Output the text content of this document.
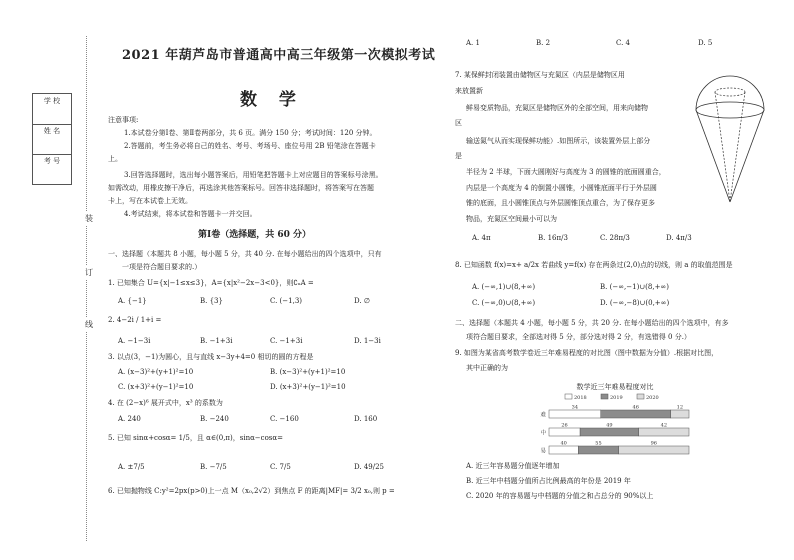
学 校
姓 名
考 号
装
订
线
2021 年葫芦岛市普通高中高三年级第一次模拟考试
数 学
注意事项:
1.本试卷分第Ⅰ卷、第Ⅱ卷两部分，共 6 页。满分 150 分；考试时间：120 分钟。
2.答题前，考生务必将自己的姓名、考号、考场号、座位号用 2B 铅笔涂在答题卡
上。
3.回答选择题时，选出每小题答案后，用铅笔把答题卡上对应题目的答案标号涂黑。
如需改动，用橡皮擦干净后，再选涂其他答案标号。回答非选择题时，将答案写在答题
卡上，写在本试卷上无效。
4.考试结束，将本试卷和答题卡一并交回。
第Ⅰ卷（选择题，共 60 分）
一、选择题（本题共 8 小题，每小题 5 分，共 40 分. 在每小题给出的四个选项中，只有
一项是符合题目要求的.）
1. 已知集合 U={x|−1≤x≤3}，A={x|x²−2x−3<0}，则∁ᵤA =
A. {−1}	B. {3}	C. (−1,3)	D. ∅
2. 4−2i / 1+i =
A. −1−3i	B. −1+3i	C. −1+3i	D. 1−3i
3. 以点(3，−1)为圆心，且与直线 x−3y+4=0 相切的圆的方程是
A. (x−3)²+(y+1)²=10	B. (x−3)²+(y+1)²=10
C. (x+3)²+(y−1)²=10	D. (x+3)²+(y−1)²=10
4. 在 (2−x)⁶ 展开式中，x³ 的系数为
A. 240	B. −240	C. −160	D. 160
5. 已知 sinα+cosα= 1/5，且 α∈(0,π)，sinα−cosα=
A. ±7/5	B. −7/5	C. 7/5	D. 49/25
6. 已知抛物线 C:y²=2px(p>0)上一点 M（x₀,2√2）到焦点 F 的距离|MF|= 3/2 x₀,则 p =
A. 1	B. 2	C. 4	D. 5
7. 某保鲜封闭装置由储物区与充氮区（内层是储物区用
来放置新
鲜易变质物品，充氮区是储物区外的全部空间，用来向储物
区
输送氮气从而实现保鲜功能）.如图所示，该装置外层上部分
是
半径为 2 半球，下面大圆刚好与高度为 3 的圆锥的底面圆重合，
内层是一个高度为 4 的倒置小圆锥，小圆锥底面平行于外层圆
锥的底面，且小圆锥顶点与外层圆锥顶点重合，为了保存更多
物品，充氮区空间最小可以为
A. 4π	B. 16π/3	C. 28π/3	D. 4π/3
8. 已知函数 f(x)=x+ a/2x 若曲线 y=f(x) 存在两条过(2,0)点的切线，则 a 的取值范围是
A. (−∞,1)∪(8,+∞)	B. (−∞,−1)∪(8,+∞)
C. (−∞,0)∪(8,+∞)	D. (−∞,−8)∪(0,+∞)
二、选择题（本题共 4 小题，每小题 5 分，共 20 分. 在每小题给出的四个选项中，有多
项符合题目要求，全部选对得 5 分，部分选对得 2 分，有选错得 0 分.）
9. 如图为某省高考数学卷近三年难易程度的对比图（图中数据为分值）.根据对比图，
其中正确的为
数学近三年难易程度对比
2018	2019	2020
难
34	46	12
中
26	49	42
易
40	55	96
A. 近三年容易题分值逐年增加
B. 近三年中档题分值所占比例最高的年份是 2019 年
C. 2020 年的容易题与中档题的分值之和占总分的 90%以上
